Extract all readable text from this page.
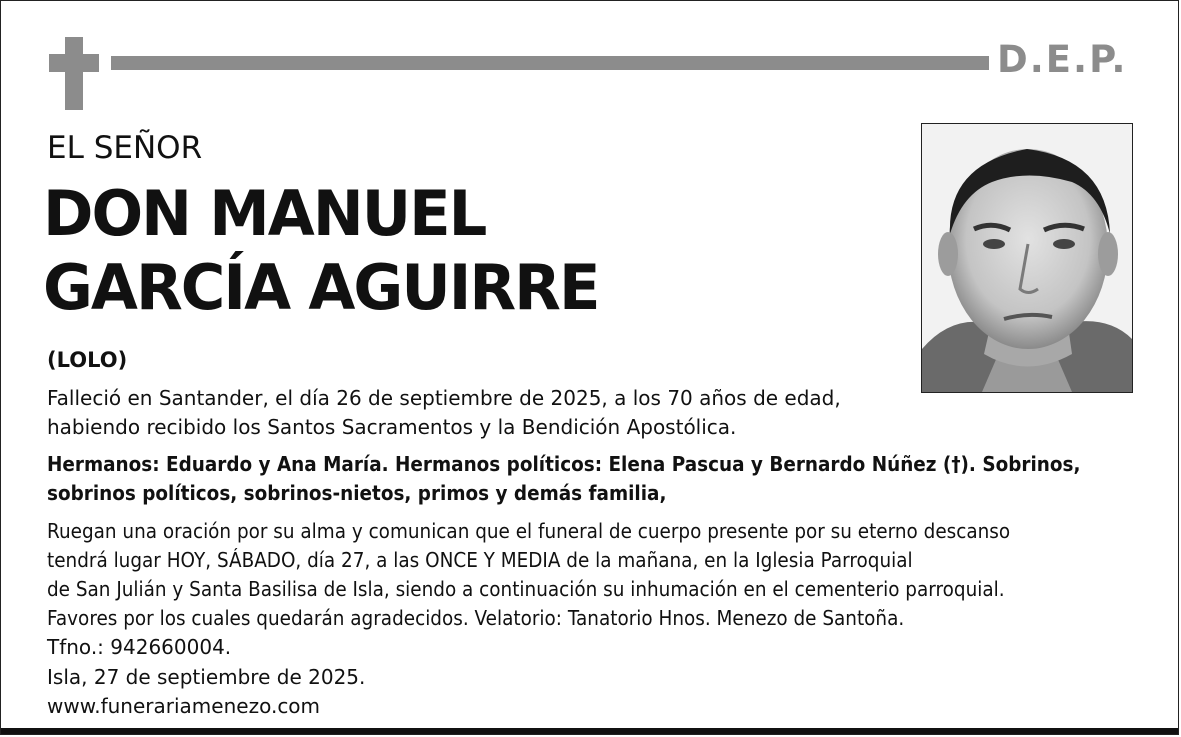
D.E.P.
EL SEÑOR
DON MANUEL
GARCÍA AGUIRRE
(LOLO)
Falleció en Santander, el día 26 de septiembre de 2025, a los 70 años de edad,
habiendo recibido los Santos Sacramentos y la Bendición Apostólica.
Hermanos: Eduardo y Ana María. Hermanos políticos: Elena Pascua y Bernardo Núñez (†). Sobrinos,
sobrinos políticos, sobrinos-nietos, primos y demás familia,
Ruegan una oración por su alma y comunican que el funeral de cuerpo presente por su eterno descanso
tendrá lugar HOY, SÁBADO, día 27, a las ONCE Y MEDIA de la mañana, en la Iglesia Parroquial
de San Julián y Santa Basilisa de Isla, siendo a continuación su inhumación en el cementerio parroquial.
Favores por los cuales quedarán agradecidos. Velatorio: Tanatorio Hnos. Menezo de Santoña.
Tfno.: 942660004.
Isla, 27 de septiembre de 2025.
www.funerariamenezo.com
